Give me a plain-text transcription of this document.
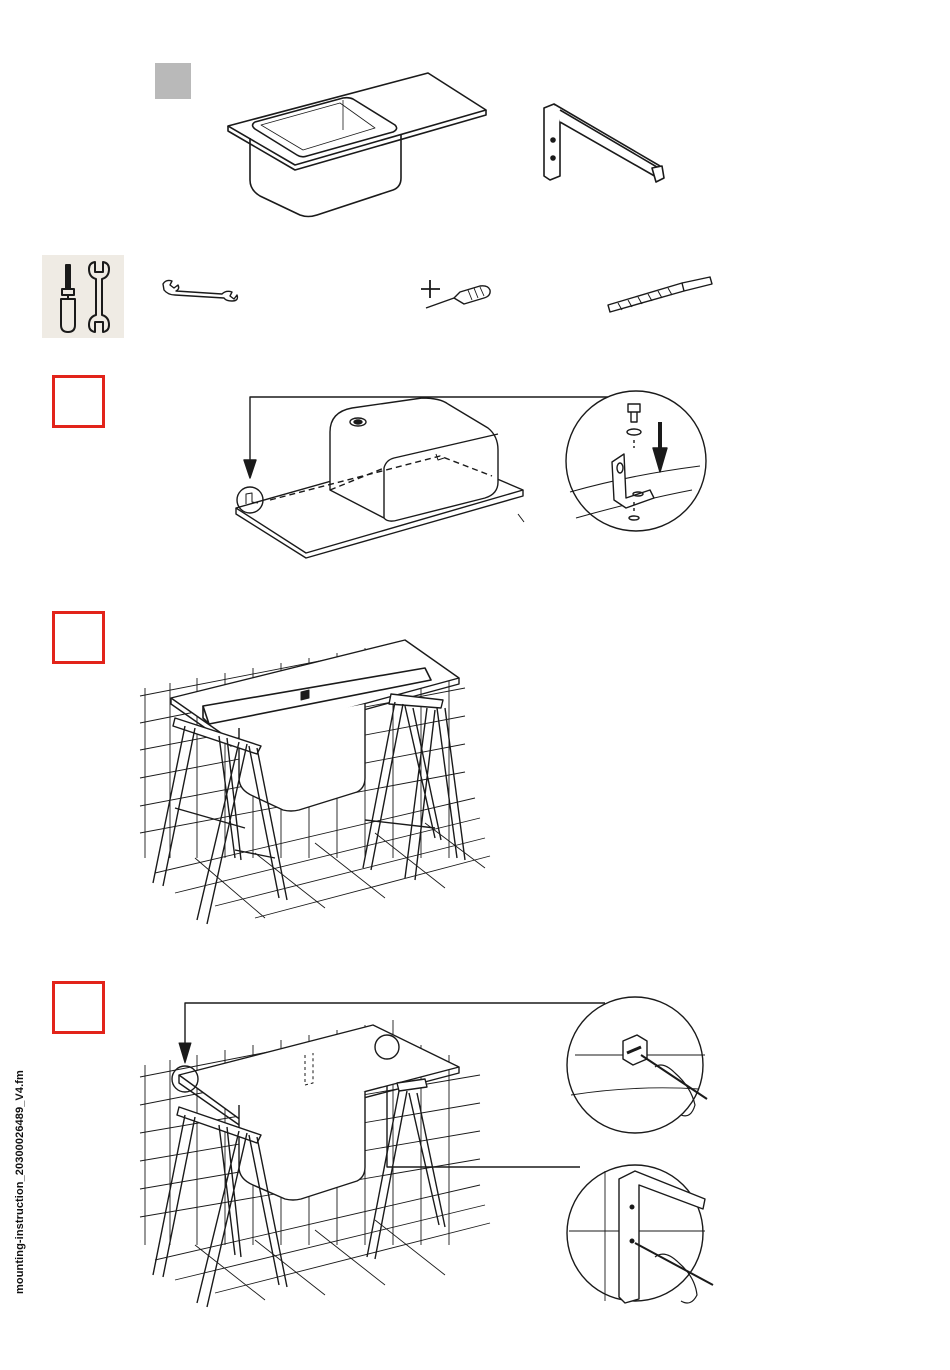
mounting-instruction_20300026489_V4.fm
